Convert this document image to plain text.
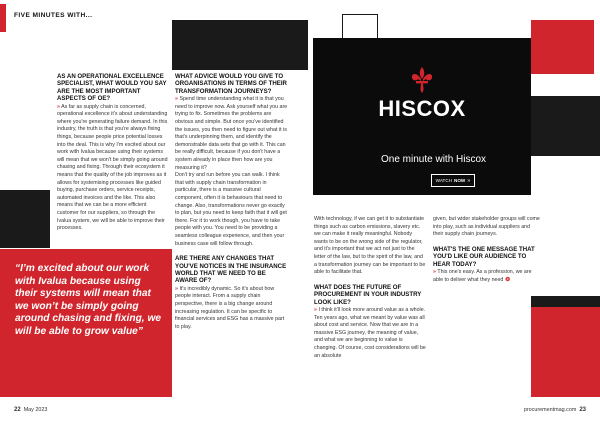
FIVE MINUTES WITH...
AS AN OPERATIONAL EXCELLENCE SPECIALIST, WHAT WOULD YOU SAY ARE THE MOST IMPORTANT ASPECTS OF OE?

» As far as supply chain is concerned, operational excellence it's about understanding where you're generating failure demand. In this industry, the truth is that you're always fixing things, because people price potential losses into the deal. This is why I'm excited about our work with Ivalua because using their systems will mean that we won't be simply going around chasing and fixing. Through their ecosystem it means that the quality of the job improves as it allows for systemising processes like guided buying, purchase orders, service receipts, automated invoices and the like. This also means that we can be a more efficient customer for our suppliers, so through the Ivalua system, we will be able to improve their processes.

“I’m excited about our work with Ivalua because using their systems will mean that we won’t be simply going around chasing and fixing, we will be able to grow value”

WHAT ADVICE WOULD YOU GIVE TO ORGANISATIONS IN TERMS OF THEIR TRANSFORMATION JOURNEYS?

» Spend time understanding what it is that you need to improve now. Ask yourself what you are trying to fix. Sometimes the problems are obvious and simple. But once you've identified the issues, you then need to figure out what it is that's underpinning them, and identify the demonstrable data sets that go with it. This can be really difficult, because if you don't have a system already in place then how are you measuring it?

Don't try and run before you can walk. I think that with supply chain transformation in particular, there is a massive cultural component, often it is behaviours that need to change. Also, transformations never go exactly to plan, but you need to keep faith that it will get there. For it to work though, you have to take people with you. You need to be providing a seamless colleague experience, and then your business case will follow through.

ARE THERE ANY CHANGES THAT YOU'VE NOTICES IN THE INSURANCE WORLD THAT WE NEED TO BE AWARE OF?

» It's incredibly dynamic. So it's about how people interact. From a supply chain perspective, there is a big change around increasing regulation. It can be specific to financial services and ESG has a massive part to play.

HISCOX
WATCH NOW »
One minute with Hiscox

With technology, if we can get it to substantiate things such as carbon emissions, slavery etc. we can make it really meaningful. Nobody wants to be on the wrong side of the regulator, and it's important that we act not just to the letter of the law, but to the spirit of the law, and a transformation journey can be important to be able to facilitate that.

WHAT DOES THE FUTURE OF PROCUREMENT IN YOUR INDUSTRY LOOK LIKE?

» I think it'll look more around value as a whole. Ten years ago, what we meant by value was all about cost and service. Now that we are in a massive ESG journey, the meaning of value, and what we are beginning to value is changing. Of course, cost considerations will be an absolute

given, but wider stakeholder groups will come into play, such as individual suppliers and their supply chain journeys.

WHAT'S THE ONE MESSAGE THAT YOU'D LIKE OUR AUDIENCE TO HEAR TODAY?

» This one's easy. As a profession, we are able to deliver what they need ❂

22 May 2023	procurementmag.com 23
